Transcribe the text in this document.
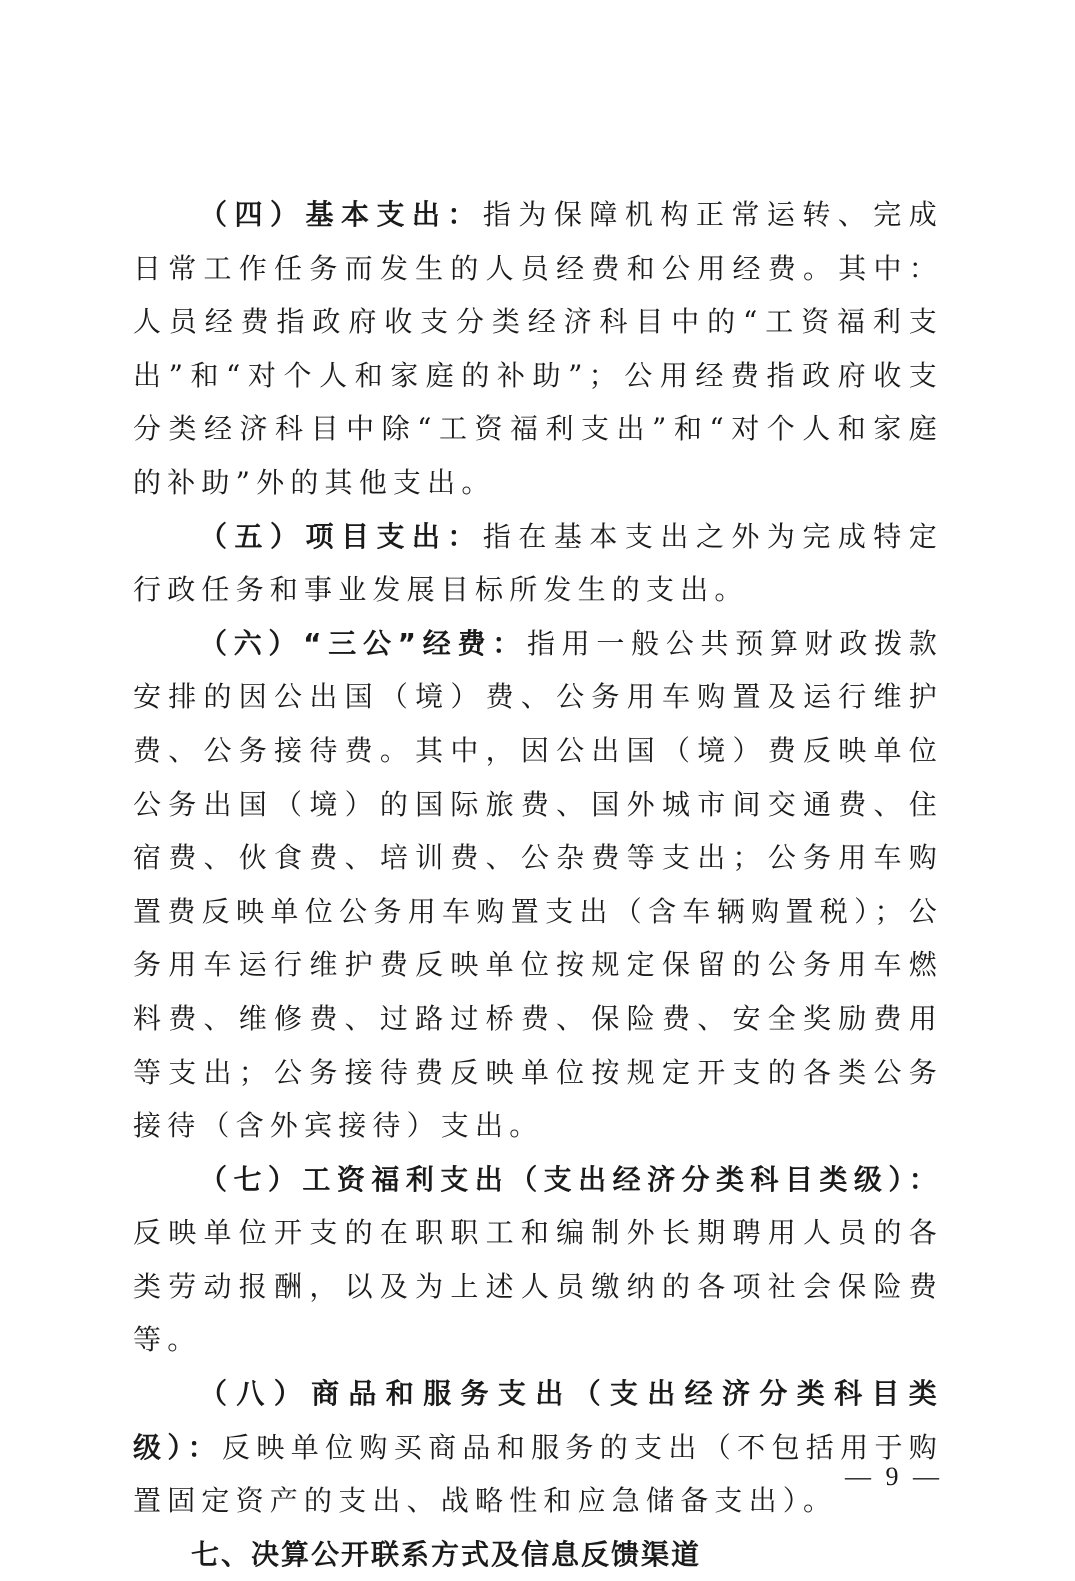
（四）基本支出：指为保障机构正常运转、完成日常工作任务而发生的人员经费和公用经费。其中：人员经费指政府收支分类经济科目中的“工资福利支出”和“对个人和家庭的补助”；公用经费指政府收支分类经济科目中除“工资福利支出”和“对个人和家庭的补助”外的其他支出。

（五）项目支出：指在基本支出之外为完成特定行政任务和事业发展目标所发生的支出。

（六）“三公”经费：指用一般公共预算财政拨款安排的因公出国（境）费、公务用车购置及运行维护费、公务接待费。其中，因公出国（境）费反映单位公务出国（境）的国际旅费、国外城市间交通费、住宿费、伙食费、培训费、公杂费等支出；公务用车购置费反映单位公务用车购置支出（含车辆购置税）；公务用车运行维护费反映单位按规定保留的公务用车燃料费、维修费、过路过桥费、保险费、安全奖励费用等支出；公务接待费反映单位按规定开支的各类公务接待（含外宾接待）支出。

（七）工资福利支出（支出经济分类科目类级）：反映单位开支的在职职工和编制外长期聘用人员的各类劳动报酬，以及为上述人员缴纳的各项社会保险费等。

（八）商品和服务支出（支出经济分类科目类级）：反映单位购买商品和服务的支出（不包括用于购置固定资产的支出、战略性和应急储备支出）。

七、决算公开联系方式及信息反馈渠道

— 9 —
